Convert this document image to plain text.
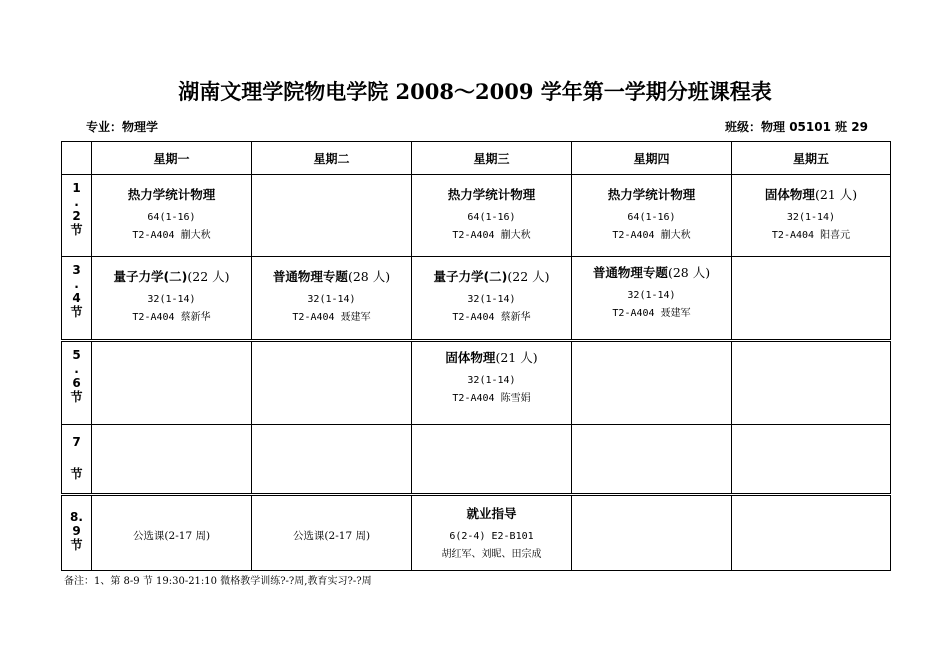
湖南文理学院物电学院 2008～2009 学年第一学期分班课程表
专业：物理学	班级：物理 05101 班 29
	星期一	星期二	星期三	星期四	星期五

1
.
2
节	热力学统计物理
64(1-16)
T2-A404 蒯大秋		热力学统计物理
64(1-16)
T2-A404 蒯大秋	热力学统计物理
64(1-16)
T2-A404 蒯大秋	固体物理(21 人)
32(1-14)
T2-A404 阳喜元

3
.
4
节	量子力学(二)(22 人)
32(1-14)
T2-A404 蔡新华	普通物理专题(28 人)
32(1-14)
T2-A404 聂建军	量子力学(二)(22 人)
32(1-14)
T2-A404 蔡新华	普通物理专题(28 人)
32(1-14)
T2-A404 聂建军	

5
.
6
节			固体物理(21 人)
32(1-14)
T2-A404 陈雪娟		

7
节					

8.
9
节	公选课(2-17 周)	公选课(2-17 周)	就业指导
6(2-4) E2-B101
胡红军、刘昵、田宗成		

备注：1、第 8-9 节 19:30-21:10 微格教学训练?-?周,教育实习?-?周
